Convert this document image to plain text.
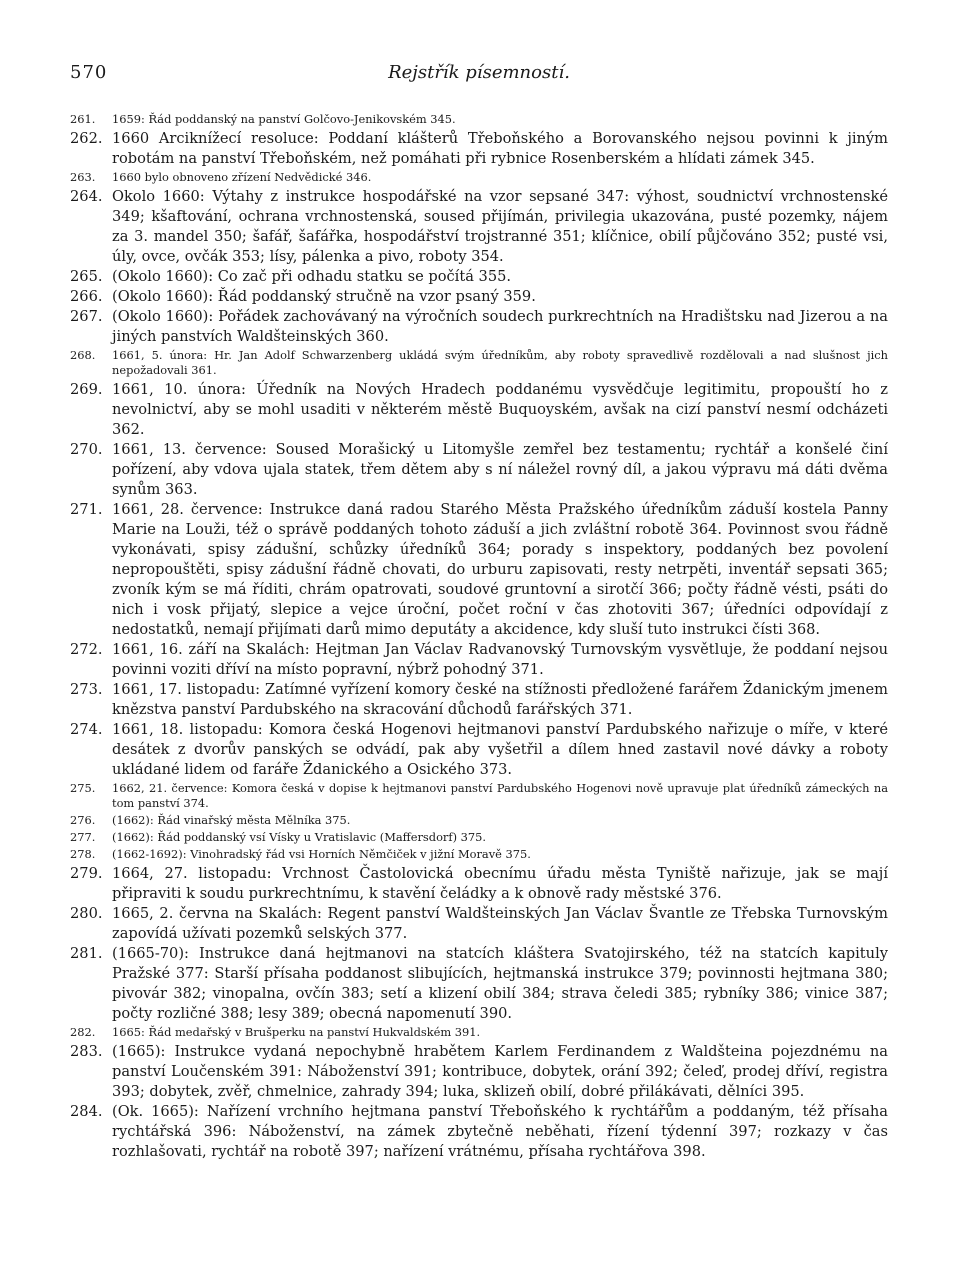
570	Rejstřík písemností.
261.	1659: Řád poddanský na panství Golčovo-Jenikovském 345.
262. 1660 Arciknížecí resoluce: Poddaní klášterů Třeboňského a Borovanského nejsou povinni k jiným robotám na panství Třeboňském, než pomáhati při rybnice Rosenberském a hlídati zámek 345.
263.	1660 bylo obnoveno zřízení Nedvědické 346.
264. Okolo 1660: Výtahy z instrukce hospodářské na vzor sepsané 347: výhost, soudnictví vrchnostenské 349; kšaftování, ochrana vrchnostenská, soused přijímán, privilegia ukazována, pusté pozemky, nájem za 3. mandel 350; šafář, šafářka, hospodářství trojstranné 351; klíčnice, obilí půjčováno 352; pusté vsi, úly, ovce, ovčák 353; lísy, pálenka a pivo, roboty 354.
265. (Okolo 1660): Co zač při odhadu statku se počítá 355.
266. (Okolo 1660): Řád poddanský stručně na vzor psaný 359.
267. (Okolo 1660): Pořádek zachovávaný na výročních soudech purkrechtních na Hradištsku nad Jizerou a na jiných panstvích Waldšteinských 360.
268.	1661, 5. února: Hr. Jan Adolf Schwarzenberg ukládá svým úředníkům, aby roboty spravedlivě rozdělovali a nad slušnost jich nepožadovali 361.
269. 1661, 10. února: Úředník na Nových Hradech poddanému vysvědčuje legitimitu, propouští ho z nevolnictví, aby se mohl usaditi v některém městě Buquoyském, avšak na cizí panství nesmí odcházeti 362.
270. 1661, 13. července: Soused Morašický u Litomyšle zemřel bez testamentu; rychtář a konšelé činí pořízení, aby vdova ujala statek, třem dětem aby s ní náležel rovný díl, a jakou výpravu má dáti dvěma synům 363.
271. 1661, 28. července: Instrukce daná radou Starého Města Pražského úředníkům záduší kostela Panny Marie na Louži, též o správě poddaných tohoto záduší a jich zvláštní robotě 364. Povinnost svou řádně vykonávati, spisy zádušní, schůzky úředníků 364; porady s inspektory, poddaných bez povolení nepropouštěti, spisy zádušní řádně chovati, do urburu zapisovati, resty netrpěti, inventář sepsati 365; zvoník kým se má říditi, chrám opatrovati, soudové gruntovní a sirotčí 366; počty řádně vésti, psáti do nich i vosk přijatý, slepice a vejce úroční, počet roční v čas zhotoviti 367; úředníci odpovídají z nedostatků, nemají přijímati darů mimo deputáty a akcidence, kdy sluší tuto instrukci čísti 368.
272. 1661, 16. září na Skalách: Hejtman Jan Václav Radvanovský Turnovským vysvětluje, že poddaní nejsou povinni voziti dříví na místo popravní, nýbrž pohodný 371.
273. 1661, 17. listopadu: Zatímné vyřízení komory české na stížnosti předložené farářem Ždanickým jmenem knězstva panství Pardubského na skracování důchodů farářských 371.
274. 1661, 18. listopadu: Komora česká Hogenovi hejtmanovi panství Pardubského nařizuje o míře, v které desátek z dvorův panských se odvádí, pak aby vyšetřil a dílem hned zastavil nové dávky a roboty ukládané lidem od faráře Ždanického a Osického 373.
275.	1662, 21. července: Komora česká v dopise k hejtmanovi panství Pardubského Hogenovi nově upravuje plat úředníků zámeckých na tom panství 374.
276.	(1662): Řád vinařský města Mělníka 375.
277.	(1662): Řád poddanský vsí Vísky u Vratislavic (Maffersdorf) 375.
278.	(1662-1692): Vinohradský řád vsi Horních Němčiček v jižní Moravě 375.
279. 1664, 27. listopadu: Vrchnost Častolovická obecnímu úřadu města Tyniště nařizuje, jak se mají připraviti k soudu purkrechtnímu, k stavění čeládky a k obnově rady městské 376.
280. 1665, 2. června na Skalách: Regent panství Waldšteinských Jan Václav Švantle ze Třebska Turnovským zapovídá užívati pozemků selských 377.
281. (1665-70): Instrukce daná hejtmanovi na statcích kláštera Svatojirského, též na statcích kapituly Pražské 377: Starší přísaha poddanost slibujících, hejtmanská instrukce 379; povinnosti hejtmana 380; pivovár 382; vinopalna, ovčín 383; setí a klizení obilí 384; strava čeledi 385; rybníky 386; vinice 387; počty rozličné 388; lesy 389; obecná napomenutí 390.
282.	1665: Řád medařský v Brušperku na panství Hukvaldském 391.
283. (1665): Instrukce vydaná nepochybně hrabětem Karlem Ferdinandem z Waldšteina pojezdnému na panství Loučenském 391: Náboženství 391; kontribuce, dobytek, orání 392; čeleď, prodej dříví, registra 393; dobytek, zvěř, chmelnice, zahrady 394; luka, sklizeň obilí, dobré přilákávati, dělníci 395.
284. (Ok. 1665): Nařízení vrchního hejtmana panství Třeboňského k rychtářům a poddaným, též přísaha rychtářská 396: Náboženství, na zámek zbytečně neběhati, řízení týdenní 397; rozkazy v čas rozhlašovati, rychtář na robotě 397; nařízení vrátnému, přísaha rychtářova 398.
